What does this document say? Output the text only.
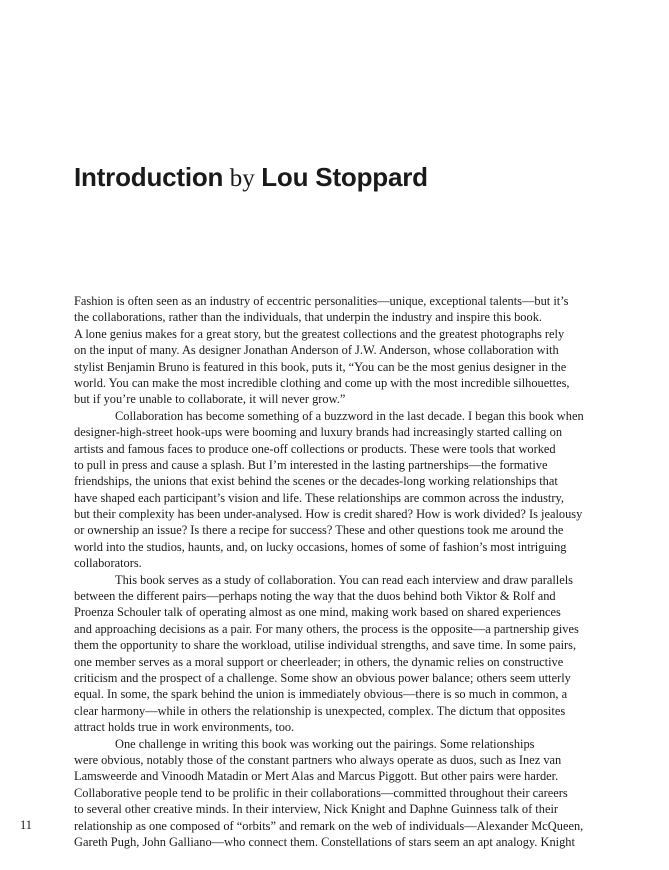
Introduction by Lou Stoppard
Fashion is often seen as an industry of eccentric personalities—unique, exceptional talents—but it’s
the collaborations, rather than the individuals, that underpin the industry and inspire this book.
A lone genius makes for a great story, but the greatest collections and the greatest photographs rely
on the input of many. As designer Jonathan Anderson of J.W. Anderson, whose collaboration with
stylist Benjamin Bruno is featured in this book, puts it, “You can be the most genius designer in the
world. You can make the most incredible clothing and come up with the most incredible silhouettes,
but if you’re unable to collaborate, it will never grow.”
Collaboration has become something of a buzzword in the last decade. I began this book when
designer-high-street hook-ups were booming and luxury brands had increasingly started calling on
artists and famous faces to produce one-off collections or products. These were tools that worked
to pull in press and cause a splash. But I’m interested in the lasting partnerships—the formative
friendships, the unions that exist behind the scenes or the decades-long working relationships that
have shaped each participant’s vision and life. These relationships are common across the industry,
but their complexity has been under-analysed. How is credit shared? How is work divided? Is jealousy
or ownership an issue? Is there a recipe for success? These and other questions took me around the
world into the studios, haunts, and, on lucky occasions, homes of some of fashion’s most intriguing
collaborators.
This book serves as a study of collaboration. You can read each interview and draw parallels
between the different pairs—perhaps noting the way that the duos behind both Viktor & Rolf and
Proenza Schouler talk of operating almost as one mind, making work based on shared experiences
and approaching decisions as a pair. For many others, the process is the opposite—a partnership gives
them the opportunity to share the workload, utilise individual strengths, and save time. In some pairs,
one member serves as a moral support or cheerleader; in others, the dynamic relies on constructive
criticism and the prospect of a challenge. Some show an obvious power balance; others seem utterly
equal. In some, the spark behind the union is immediately obvious—there is so much in common, a
clear harmony—while in others the relationship is unexpected, complex. The dictum that opposites
attract holds true in work environments, too.
One challenge in writing this book was working out the pairings. Some relationships
were obvious, notably those of the constant partners who always operate as duos, such as Inez van
Lamsweerde and Vinoodh Matadin or Mert Alas and Marcus Piggott. But other pairs were harder.
Collaborative people tend to be prolific in their collaborations—committed throughout their careers
to several other creative minds. In their interview, Nick Knight and Daphne Guinness talk of their
relationship as one composed of “orbits” and remark on the web of individuals—Alexander McQueen,
Gareth Pugh, John Galliano—who connect them. Constellations of stars seem an apt analogy. Knight
11
